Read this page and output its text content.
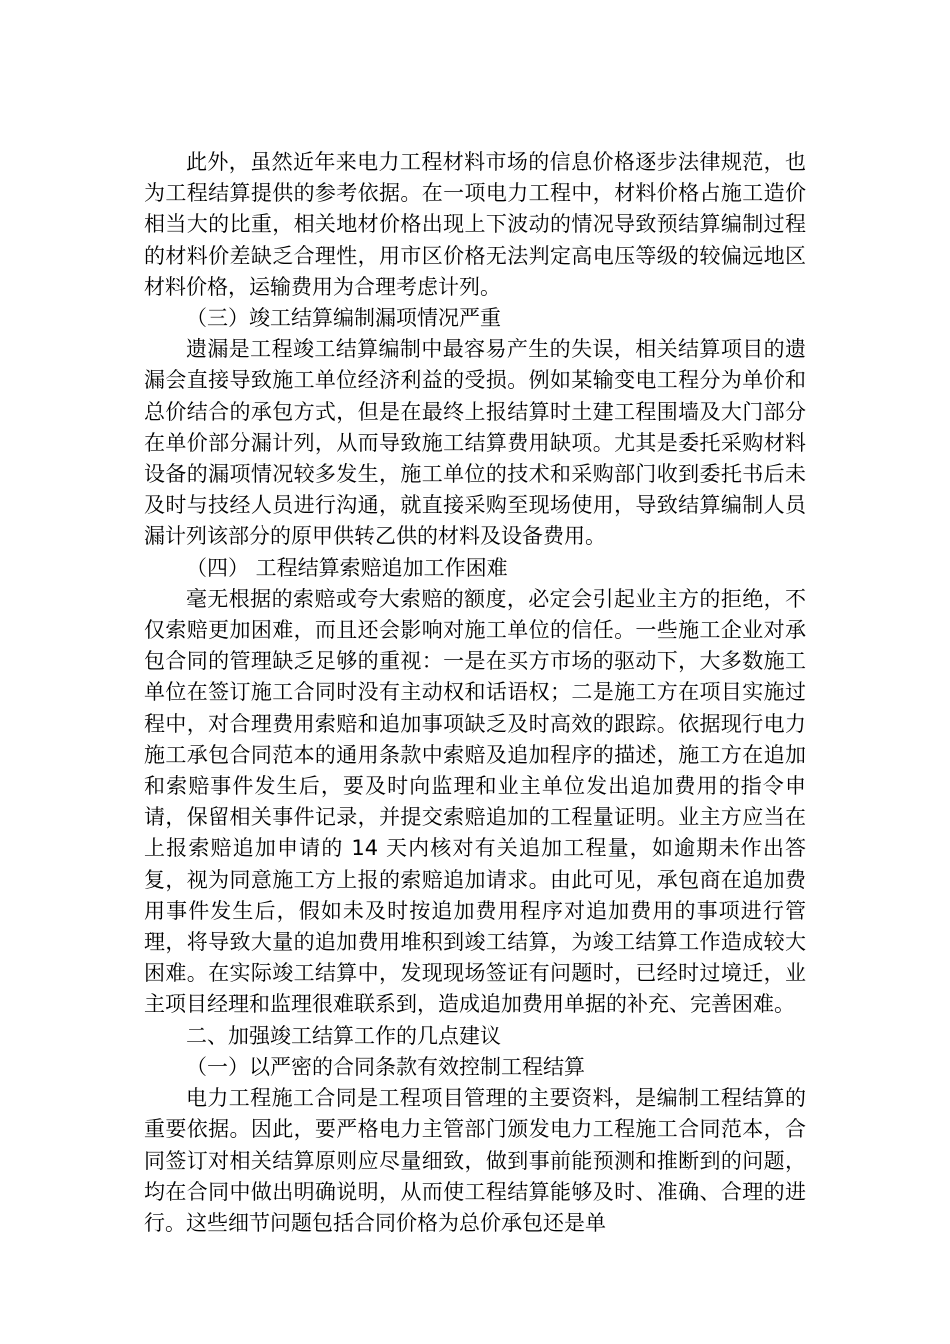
此外，虽然近年来电力工程材料市场的信息价格逐步法律规范，也为工程结算提供的参考依据。在一项电力工程中，材料价格占施工造价相当大的比重，相关地材价格出现上下波动的情况导致预结算编制过程的材料价差缺乏合理性，用市区价格无法判定高电压等级的较偏远地区材料价格，运输费用为合理考虑计列。

（三）竣工结算编制漏项情况严重

遗漏是工程竣工结算编制中最容易产生的失误，相关结算项目的遗漏会直接导致施工单位经济利益的受损。例如某输变电工程分为单价和总价结合的承包方式，但是在最终上报结算时土建工程围墙及大门部分在单价部分漏计列，从而导致施工结算费用缺项。尤其是委托采购材料设备的漏项情况较多发生，施工单位的技术和采购部门收到委托书后未及时与技经人员进行沟通，就直接采购至现场使用，导致结算编制人员漏计列该部分的原甲供转乙供的材料及设备费用。

（四） 工程结算索赔追加工作困难

毫无根据的索赔或夸大索赔的额度，必定会引起业主方的拒绝，不仅索赔更加困难，而且还会影响对施工单位的信任。一些施工企业对承包合同的管理缺乏足够的重视：一是在买方市场的驱动下，大多数施工单位在签订施工合同时没有主动权和话语权；二是施工方在项目实施过程中，对合理费用索赔和追加事项缺乏及时高效的跟踪。依据现行电力施工承包合同范本的通用条款中索赔及追加程序的描述，施工方在追加和索赔事件发生后，要及时向监理和业主单位发出追加费用的指令申请，保留相关事件记录，并提交索赔追加的工程量证明。业主方应当在上报索赔追加申请的 14 天内核对有关追加工程量，如逾期未作出答复，视为同意施工方上报的索赔追加请求。由此可见，承包商在追加费用事件发生后，假如未及时按追加费用程序对追加费用的事项进行管理，将导致大量的追加费用堆积到竣工结算，为竣工结算工作造成较大困难。在实际竣工结算中，发现现场签证有问题时，已经时过境迁，业主项目经理和监理很难联系到，造成追加费用单据的补充、完善困难。

二、加强竣工结算工作的几点建议

（一）以严密的合同条款有效控制工程结算

电力工程施工合同是工程项目管理的主要资料，是编制工程结算的重要依据。因此，要严格电力主管部门颁发电力工程施工合同范本，合同签订对相关结算原则应尽量细致，做到事前能预测和推断到的问题，均在合同中做出明确说明，从而使工程结算能够及时、准确、合理的进行。这些细节问题包括合同价格为总价承包还是单
